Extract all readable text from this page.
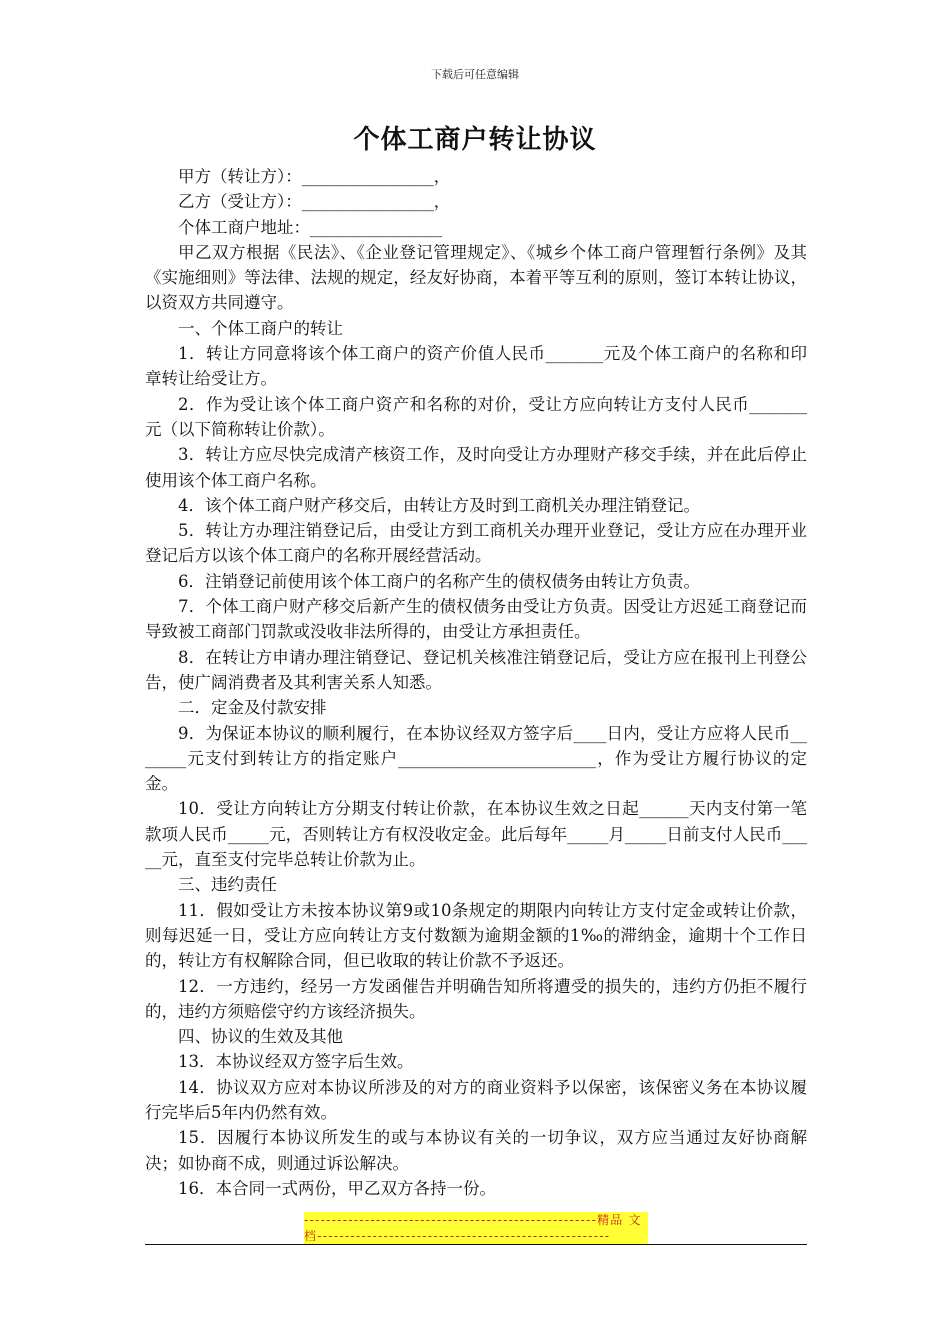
下载后可任意编辑
个体工商户转让协议

甲方（转让方）：________________，

乙方（受让方）：________________，

个体工商户地址：________________

甲乙双方根据《民法》、《企业登记管理规定》、《城乡个体工商户管理暂行条例》及其《实施细则》等法律、法规的规定，经友好协商，本着平等互利的原则，签订本转让协议，以资双方共同遵守。

一、个体工商户的转让

1．转让方同意将该个体工商户的资产价值人民币_______元及个体工商户的名称和印章转让给受让方。

2．作为受让该个体工商户资产和名称的对价，受让方应向转让方支付人民币_______元（以下简称转让价款）。

3．转让方应尽快完成清产核资工作，及时向受让方办理财产移交手续，并在此后停止使用该个体工商户名称。

4．该个体工商户财产移交后，由转让方及时到工商机关办理注销登记。

5．转让方办理注销登记后，由受让方到工商机关办理开业登记，受让方应在办理开业登记后方以该个体工商户的名称开展经营活动。

6．注销登记前使用该个体工商户的名称产生的债权债务由转让方负责。

7．个体工商户财产移交后新产生的债权债务由受让方负责。因受让方迟延工商登记而导致被工商部门罚款或没收非法所得的，由受让方承担责任。

8．在转让方申请办理注销登记、登记机关核准注销登记后，受让方应在报刊上刊登公告，使广阔消费者及其利害关系人知悉。

二．定金及付款安排

9．为保证本协议的顺利履行，在本协议经双方签字后____日内，受让方应将人民币_______元支付到转让方的指定账户________________________，作为受让方履行协议的定金。

10．受让方向转让方分期支付转让价款，在本协议生效之日起______天内支付第一笔款项人民币_____元，否则转让方有权没收定金。此后每年_____月_____日前支付人民币_____元，直至支付完毕总转让价款为止。

三、违约责任

11．假如受让方未按本协议第9或10条规定的期限内向转让方支付定金或转让价款，则每迟延一日，受让方应向转让方支付数额为逾期金额的1‰的滞纳金，逾期十个工作日的，转让方有权解除合同，但已收取的转让价款不予返还。

12．一方违约，经另一方发函催告并明确告知所将遭受的损失的，违约方仍拒不履行的，违约方须赔偿守约方该经济损失。

四、协议的生效及其他

13．本协议经双方签字后生效。

14．协议双方应对本协议所涉及的对方的商业资料予以保密，该保密义务在本协议履行完毕后5年内仍然有效。

15．因履行本协议所发生的或与本协议有关的一切争议，双方应当通过友好协商解决；如协商不成，则通过诉讼解决。

16．本合同一式两份，甲乙双方各持一份。

-----------------------------------------------------精品 文档-----------------------------------------------------
